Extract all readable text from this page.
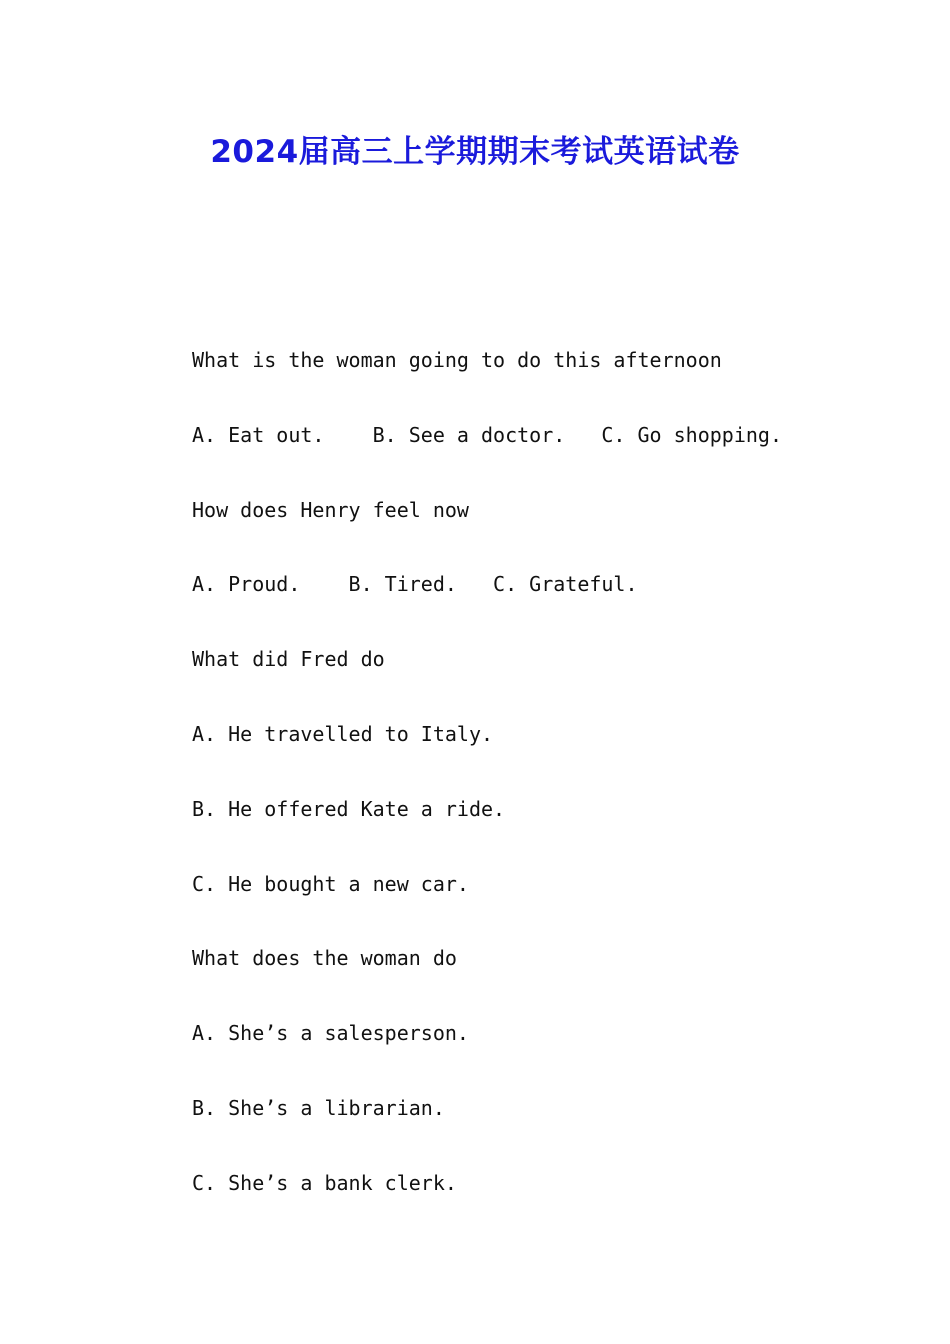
2024届高三上学期期末考试英语试卷

What is the woman going to do this afternoon

A. Eat out.    B. See a doctor.   C. Go shopping.

How does Henry feel now

A. Proud.    B. Tired.   C. Grateful.

What did Fred do

A. He travelled to Italy.

B. He offered Kate a ride.

C. He bought a new car.

What does the woman do

A. She’s a salesperson.

B. She’s a librarian.

C. She’s a bank clerk.
